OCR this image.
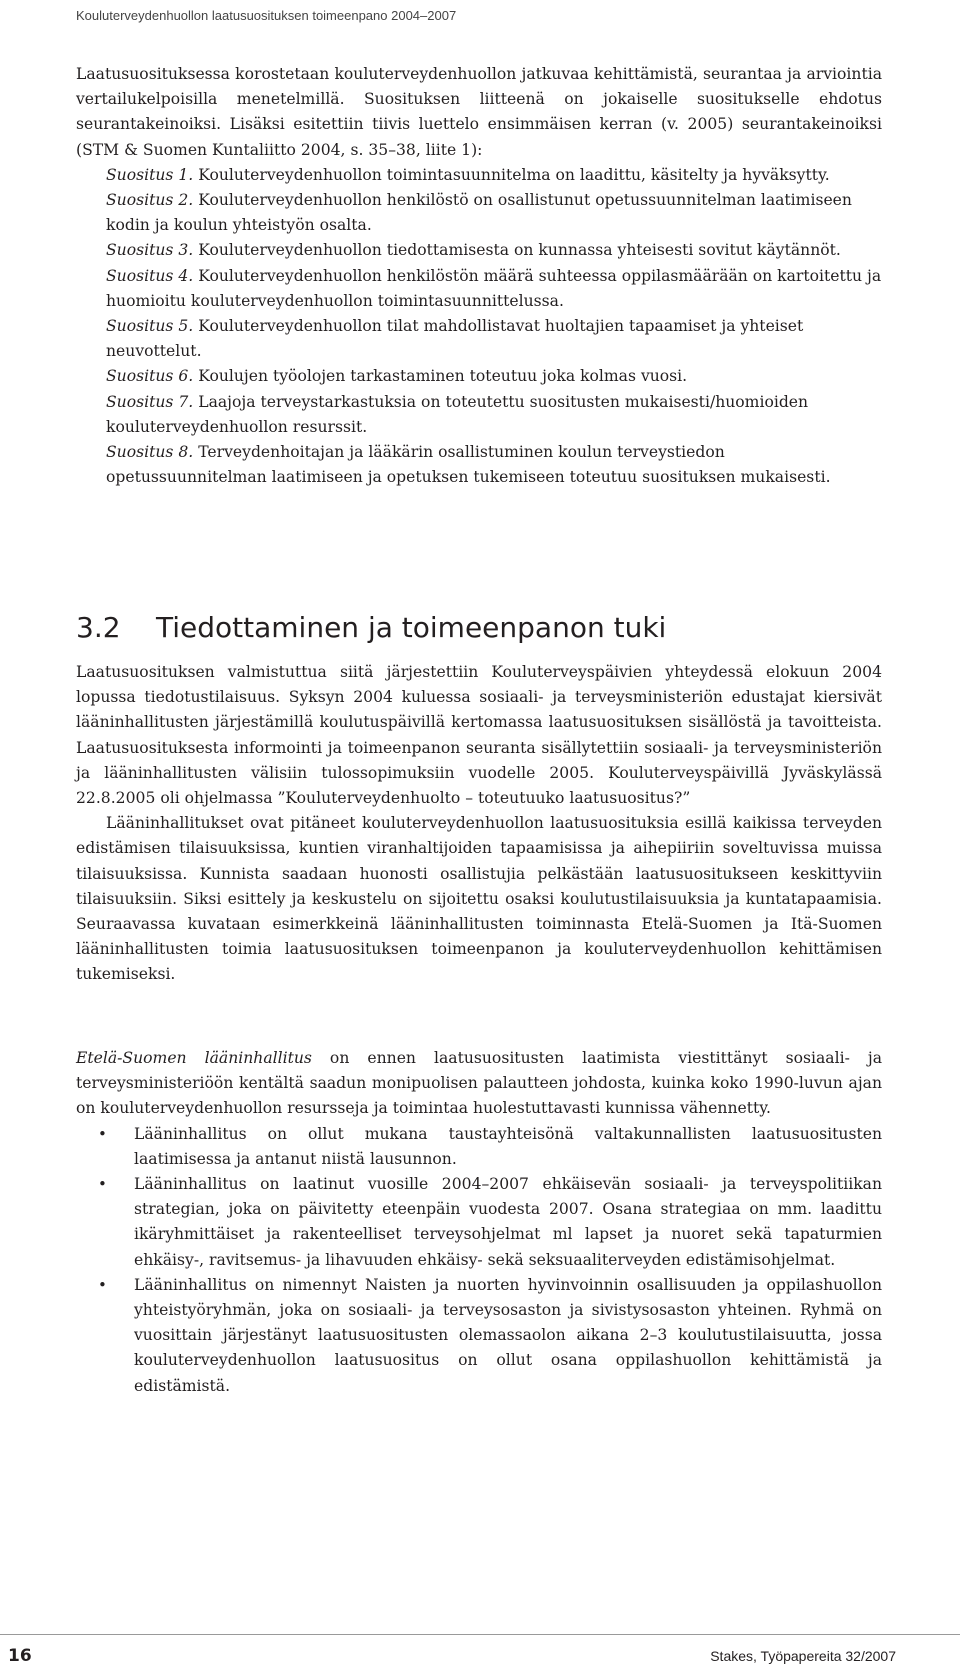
Kouluterveydenhuollon laatusuosituksen toimeenpano 2004–2007

Laatusuosituksessa korostetaan kouluterveydenhuollon jatkuvaa kehittämistä, seurantaa ja arviointia vertailukelpoisilla menetelmillä. Suosituksen liitteenä on jokaiselle suositukselle ehdotus seurantakeinoiksi. Lisäksi esitettiin tiivis luettelo ensimmäisen kerran (v. 2005) seurantakeinoiksi (STM & Suomen Kuntaliitto 2004, s. 35–38, liite 1):

Suositus 1. Kouluterveydenhuollon toimintasuunnitelma on laadittu, käsitelty ja hyväksytty.
Suositus 2. Kouluterveydenhuollon henkilöstö on osallistunut opetussuunnitelman laatimiseen kodin ja koulun yhteistyön osalta.
Suositus 3. Kouluterveydenhuollon tiedottamisesta on kunnassa yhteisesti sovitut käytännöt.
Suositus 4. Kouluterveydenhuollon henkilöstön määrä suhteessa oppilasmäärään on kartoitettu ja huomioitu kouluterveydenhuollon toimintasuunnittelussa.
Suositus 5. Kouluterveydenhuollon tilat mahdollistavat huoltajien tapaamiset ja yhteiset neuvottelut.
Suositus 6. Koulujen työolojen tarkastaminen toteutuu joka kolmas vuosi.
Suositus 7. Laajoja terveystarkastuksia on toteutettu suositusten mukaisesti/huomioiden kouluterveydenhuollon resurssit.
Suositus 8. Terveydenhoitajan ja lääkärin osallistuminen koulun terveystiedon opetussuunnitelman laatimiseen ja opetuksen tukemiseen toteutuu suosituksen mukaisesti.
3.2 Tiedottaminen ja toimeenpanon tuki

Laatusuosituksen valmistuttua siitä järjestettiin Kouluterveyspäivien yhteydessä elokuun 2004 lopussa tiedotustilaisuus. Syksyn 2004 kuluessa sosiaali- ja terveysministeriön edustajat kiersivät lääninhallitusten järjestämillä koulutuspäivillä kertomassa laatusuosituksen sisällöstä ja tavoitteista. Laatusuosituksesta informointi ja toimeenpanon seuranta sisällytettiin sosiaali- ja terveysministeriön ja lääninhallitusten välisiin tulossopimuksiin vuodelle 2005. Kouluterveyspäivillä Jyväskylässä 22.8.2005 oli ohjelmassa ”Kouluterveydenhuolto – toteutuuko laatusuositus?”

Lääninhallitukset ovat pitäneet kouluterveydenhuollon laatusuosituksia esillä kaikissa terveyden edistämisen tilaisuuksissa, kuntien viranhaltijoiden tapaamisissa ja aihepiiriin soveltuvissa muissa tilaisuuksissa. Kunnista saadaan huonosti osallistujia pelkästään laatusuositukseen keskittyviin tilaisuuksiin. Siksi esittely ja keskustelu on sijoitettu osaksi koulutustilaisuuksia ja kuntatapaamisia. Seuraavassa kuvataan esimerkkeinä lääninhallitusten toiminnasta Etelä-Suomen ja Itä-Suomen lääninhallitusten toimia laatusuosituksen toimeenpanon ja kouluterveydenhuollon kehittämisen tukemiseksi.

Etelä-Suomen lääninhallitus on ennen laatusuositusten laatimista viestittänyt sosiaali- ja terveysministeriöön kentältä saadun monipuolisen palautteen johdosta, kuinka koko 1990-luvun ajan on kouluterveydenhuollon resursseja ja toimintaa huolestuttavasti kunnissa vähennetty.

• Lääninhallitus on ollut mukana taustayhteisönä valtakunnallisten laatusuositusten laatimisessa ja antanut niistä lausunnon.
• Lääninhallitus on laatinut vuosille 2004–2007 ehkäisevän sosiaali- ja terveyspolitiikan strategian, joka on päivitetty eteenpäin vuodesta 2007. Osana strategiaa on mm. laadittu ikäryhmittäiset ja rakenteelliset terveysohjelmat ml lapset ja nuoret sekä tapaturmien ehkäisy-, ravitsemus- ja lihavuuden ehkäisy- sekä seksuaaliterveyden edistämisohjelmat.
• Lääninhallitus on nimennyt Naisten ja nuorten hyvinvoinnin osallisuuden ja oppilashuollon yhteistyöryhmän, joka on sosiaali- ja terveysosaston ja sivistysosaston yhteinen. Ryhmä on vuosittain järjestänyt laatusuositusten olemassaolon aikana 2–3 koulutustilaisuutta, jossa kouluterveydenhuollon laatusuositus on ollut osana oppilashuollon kehittämistä ja edistämistä.
16	Stakes, Työpapereita 32/2007
